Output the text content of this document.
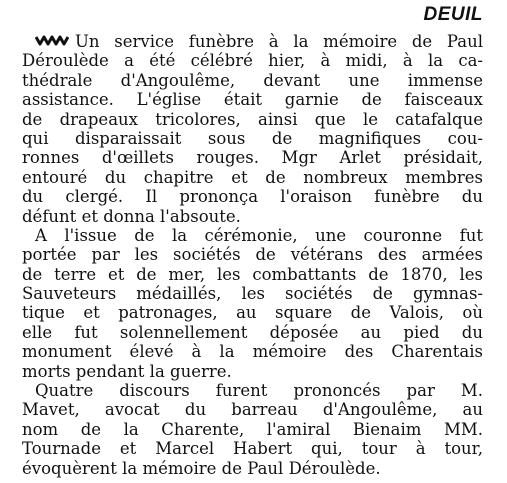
DEUIL
Un service funèbre à la mémoire de Paul
Déroulède a été célébré hier, à midi, à la ca-
thédrale d'Angoulême, devant une immense
assistance. L'église était garnie de faisceaux
de drapeaux tricolores, ainsi que le catafalque
qui disparaissait sous de magnifiques cou-
ronnes d'œillets rouges. Mgr Arlet présidait,
entouré du chapitre et de nombreux membres
du clergé. Il prononça l'oraison funèbre du
défunt et donna l'absoute.
A l'issue de la cérémonie, une couronne fut
portée par les sociétés de vétérans des armées
de terre et de mer, les combattants de 1870, les
Sauveteurs médaillés, les sociétés de gymnas-
tique et patronages, au square de Valois, où
elle fut solennellement déposée au pied du
monument élevé à la mémoire des Charentais
morts pendant la guerre.
Quatre discours furent prononcés par M.
Mavet, avocat du barreau d'Angoulême, au
nom de la Charente, l'amiral Bienaim MM.
Tournade et Marcel Habert qui, tour à tour,
évoquèrent la mémoire de Paul Déroulède.
